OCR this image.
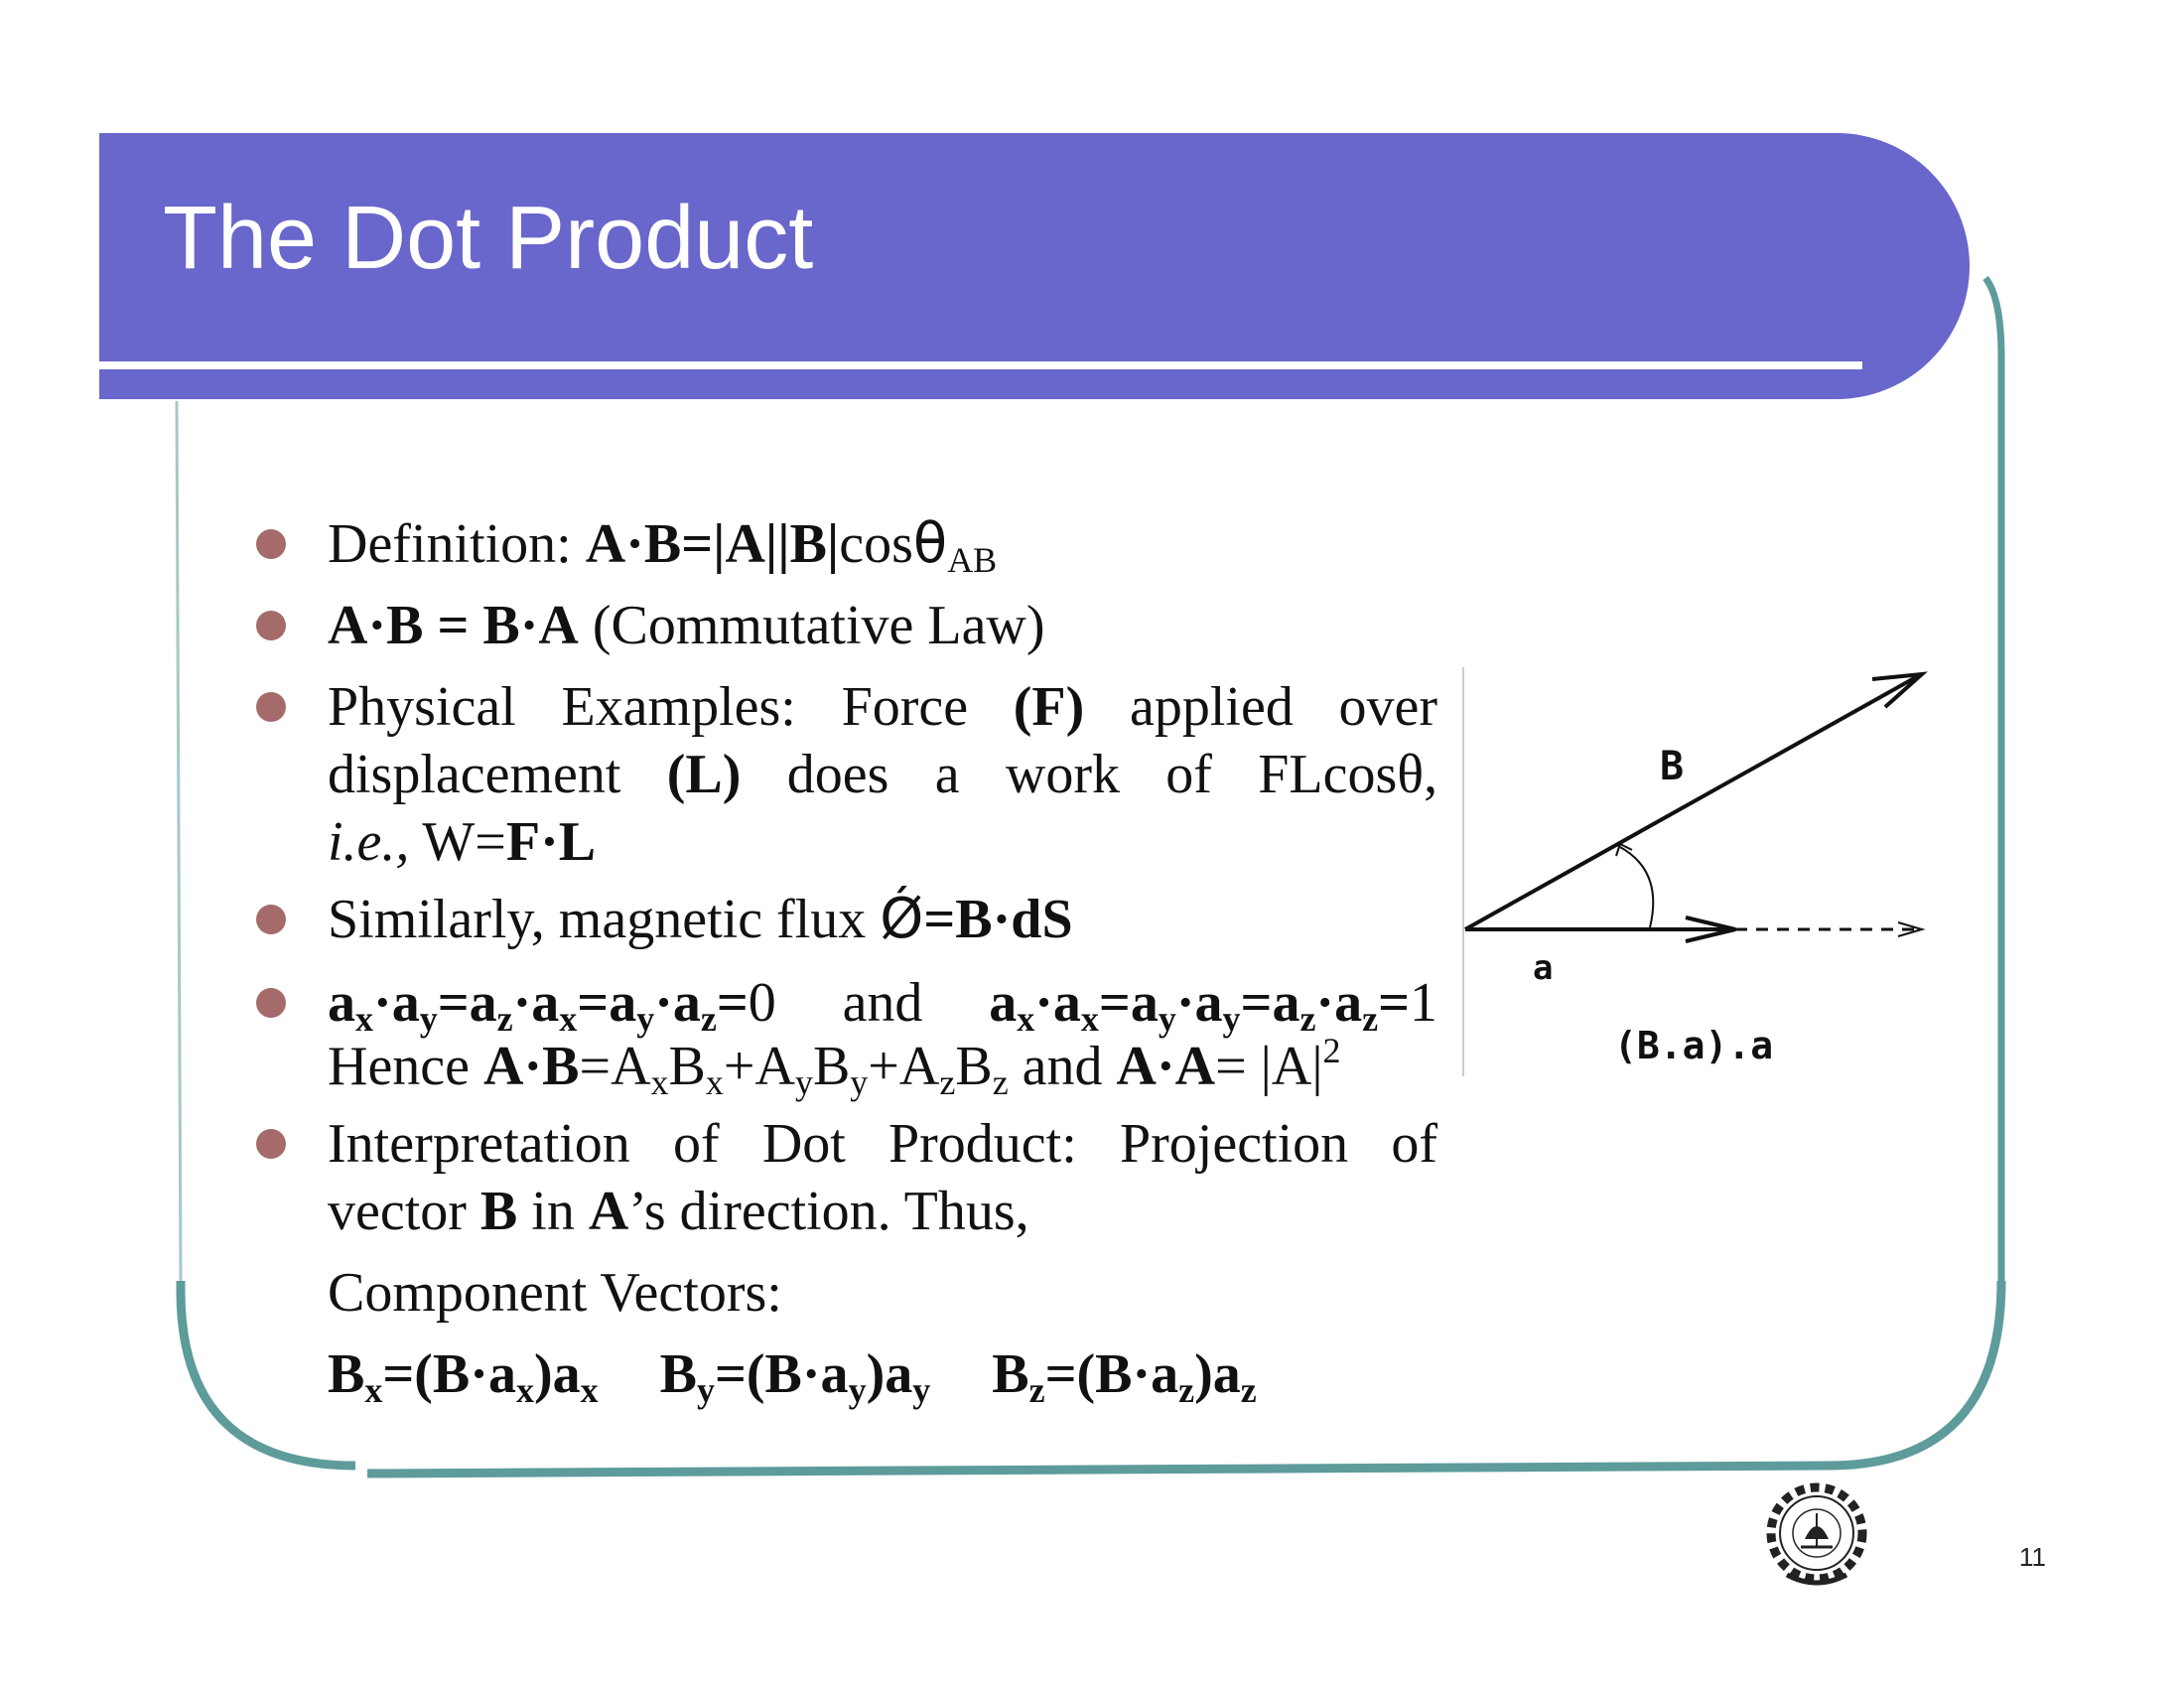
The Dot Product
Definition: A·B=|A||B|cosθ$_{AB}$
A·B = B·A (Commutative Law)
Physical Examples: Force (F) applied over
displacement (L) does a work of FLcosθ,
i.e., W=F·L
Similarly, magnetic flux Ǿ=B·dS
$a_x\cdot a_y=a_z\cdot a_x=a_y\cdot a_z=0$ and $a_x\cdot a_x=a_y\cdot a_y=a_z\cdot a_z=1$
Hence $A\cdot B=A_xB_x+A_yB_y+A_zB_z$ and $A\cdot A= |A|^2$
Interpretation of Dot Product: Projection of
vector B in A’s direction. Thus,
Component Vectors:
$B_x=(B\cdot a_x)a_x$ $B_y=(B\cdot a_y)a_y$ $B_z=(B\cdot a_z)a_z$
B
a
(B.a).a
11
